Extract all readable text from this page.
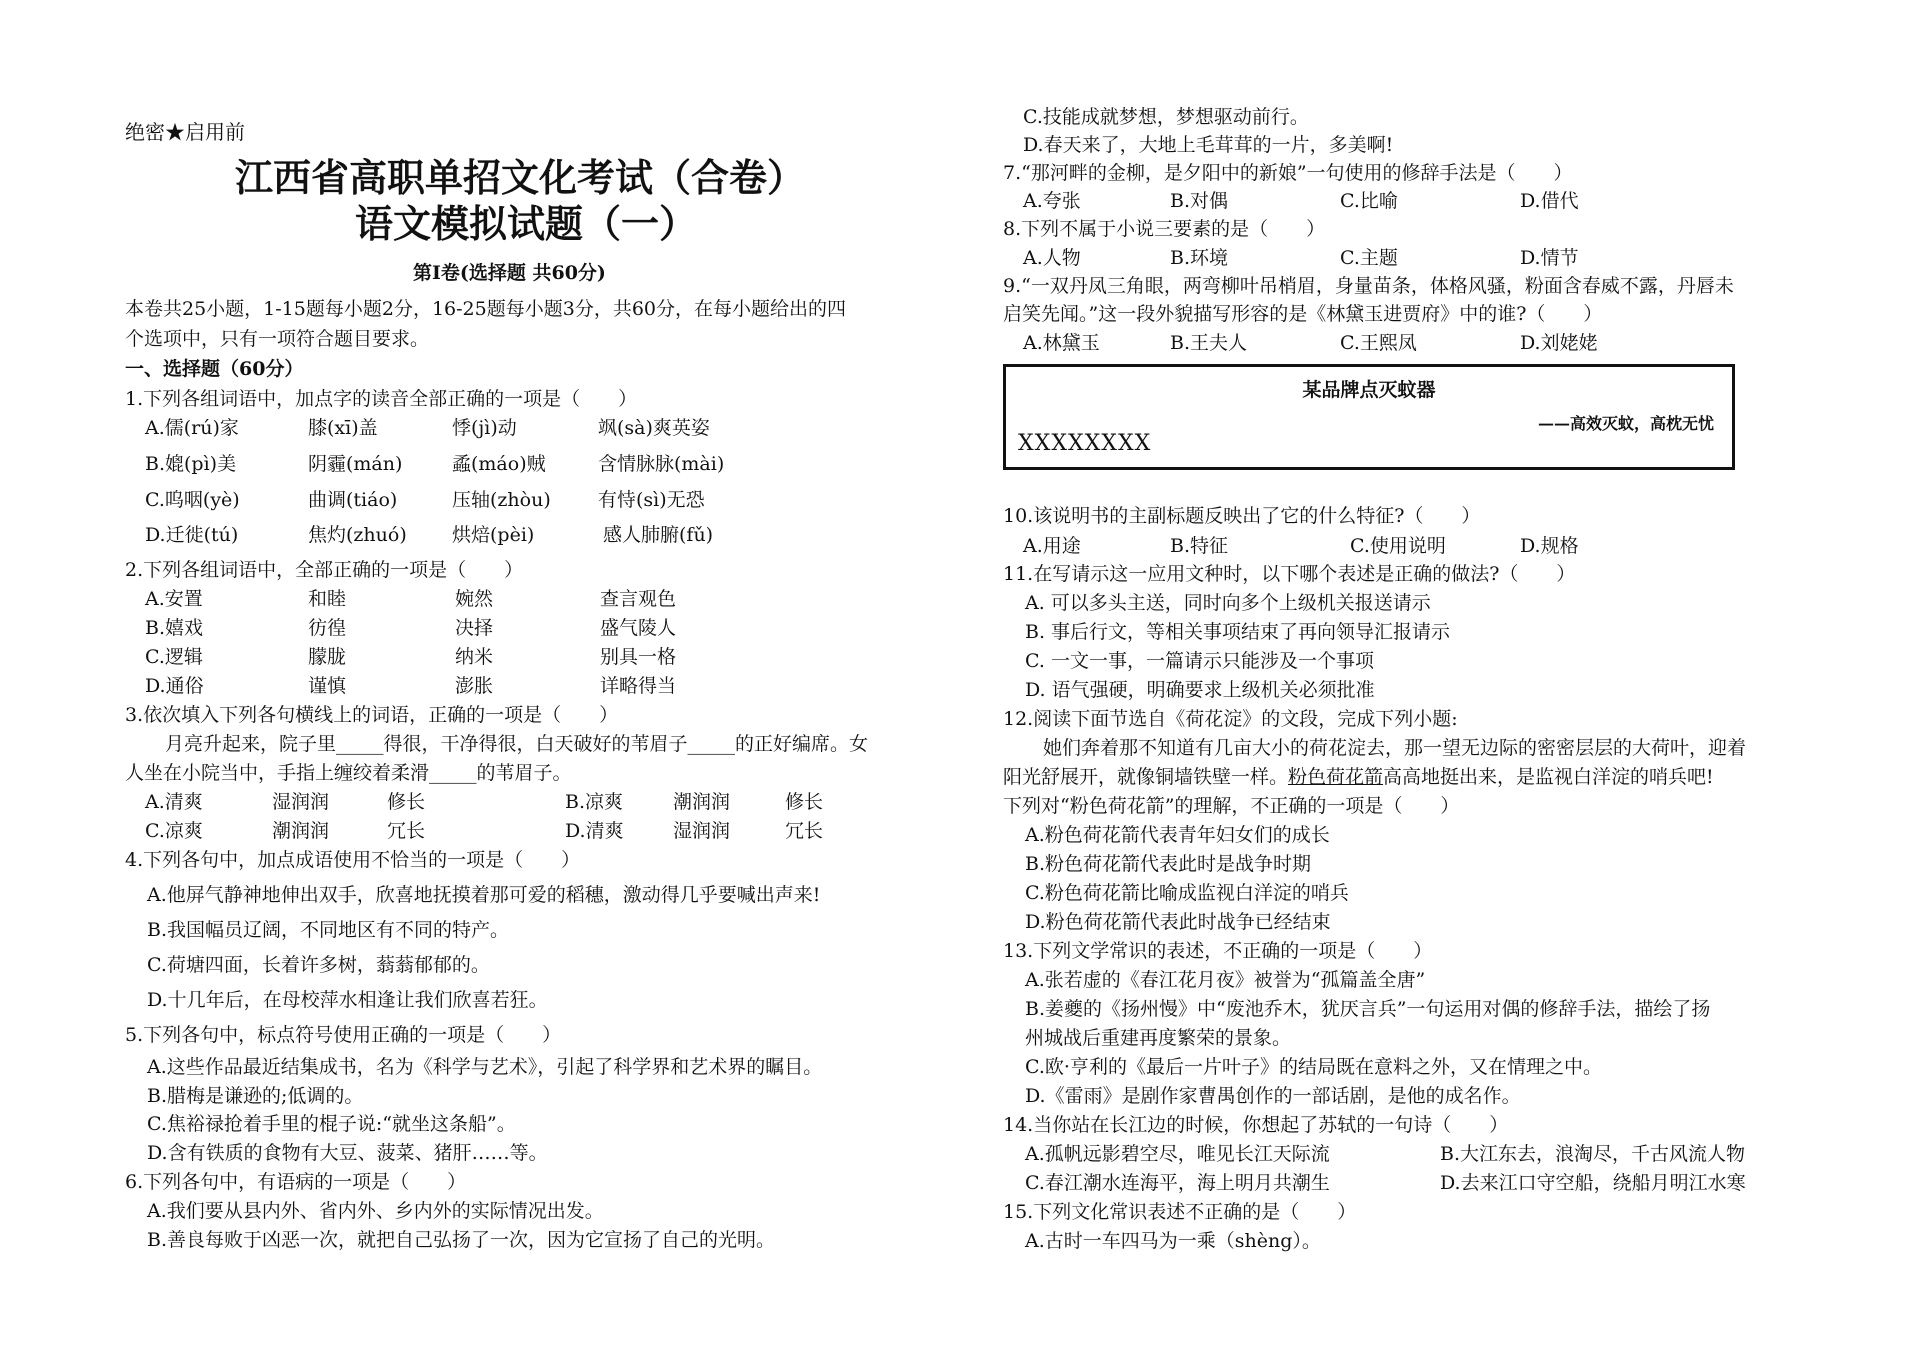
绝密★启用前
江西省高职单招文化考试（合卷）
语文模拟试题（一）
第Ⅰ卷(选择题 共60分)
本卷共25小题，1-15题每小题2分，16-25题每小题3分，共60分，在每小题给出的四
个选项中，只有一项符合题目要求。
一、选择题（60分）
1.下列各组词语中，加点字的读音全部正确的一项是（　　）
A.儒(rú)家	膝(xī)盖	悸(jì)动	飒(sà)爽英姿
B.媲(pì)美	阴霾(mán)	蟊(máo)贼	含情脉脉(mài)
C.呜咽(yè)	曲调(tiáo)	压轴(zhòu) 有恃(sì)无恐
D.迁徙(tú)	焦灼(zhuó) 烘焙(pèi)	感人肺腑(fǔ)
2.下列各组词语中，全部正确的一项是（　　）
A.安置	和睦	婉然	查言观色
B.嬉戏	彷徨	决择	盛气陵人
C.逻辑	朦胧	纳米	别具一格
D.通俗	谨慎	澎胀	详略得当
3.依次填入下列各句横线上的词语，正确的一项是（　　）
月亮升起来，院子里_____得很，干净得很，白天破好的苇眉子_____的正好编席。女
人坐在小院当中，手指上缠绞着柔滑_____的苇眉子。
A.清爽	湿润润	修长	B.凉爽	潮润润	修长
C.凉爽	潮润润	冗长	D.清爽	湿润润	冗长
4.下列各句中，加点成语使用不恰当的一项是（　　）
A.他屏气静神地伸出双手，欣喜地抚摸着那可爱的稻穗，激动得几乎要喊出声来!
B.我国幅员辽阔，不同地区有不同的特产。
C.荷塘四面，长着许多树，蓊蓊郁郁的。
D.十几年后，在母校萍水相逢让我们欣喜若狂。
5.下列各句中，标点符号使用正确的一项是（　　）
A.这些作品最近结集成书，名为《科学与艺术》，引起了科学界和艺术界的瞩目。
B.腊梅是谦逊的;低调的。
C.焦裕禄抢着手里的棍子说:“就坐这条船”。
D.含有铁质的食物有大豆、菠菜、猪肝……等。
6.下列各句中，有语病的一项是（　　）
A.我们要从县内外、省内外、乡内外的实际情况出发。
B.善良每败于凶恶一次，就把自己弘扬了一次，因为它宣扬了自己的光明。
C.技能成就梦想，梦想驱动前行。
D.春天来了，大地上毛茸茸的一片，多美啊!
7.“那河畔的金柳，是夕阳中的新娘”一句使用的修辞手法是（　　）
A.夸张	B.对偶	C.比喻	D.借代
8.下列不属于小说三要素的是（　　）
A.人物	B.环境	C.主题	D.情节
9.“一双丹凤三角眼，两弯柳叶吊梢眉，身量苗条，体格风骚，粉面含春威不露，丹唇未
启笑先闻。”这一段外貌描写形容的是《林黛玉进贾府》中的谁?（　　）
A.林黛玉	B.王夫人	C.王熙凤	D.刘姥姥
10.该说明书的主副标题反映出了它的什么特征?（　　）
A.用途	B.特征	C.使用说明	D.规格
11.在写请示这一应用文种时，以下哪个表述是正确的做法?（　　）
A. 可以多头主送，同时向多个上级机关报送请示
B. 事后行文，等相关事项结束了再向领导汇报请示
C. 一文一事，一篇请示只能涉及一个事项
D. 语气强硬，明确要求上级机关必须批准
12.阅读下面节选自《荷花淀》的文段，完成下列小题:
她们奔着那不知道有几亩大小的荷花淀去，那一望无边际的密密层层的大荷叶，迎着
阳光舒展开，就像铜墙铁壁一样。粉色荷花箭高高地挺出来，是监视白洋淀的哨兵吧!
下列对“粉色荷花箭”的理解，不正确的一项是（　　）
A.粉色荷花箭代表青年妇女们的成长
B.粉色荷花箭代表此时是战争时期
C.粉色荷花箭比喻成监视白洋淀的哨兵
D.粉色荷花箭代表此时战争已经结束
13.下列文学常识的表述，不正确的一项是（　　）
A.张若虚的《春江花月夜》被誉为“孤篇盖全唐”
B.姜夔的《扬州慢》中“废池乔木，犹厌言兵”一句运用对偶的修辞手法，描绘了扬
州城战后重建再度繁荣的景象。
C.欧·亨利的《最后一片叶子》的结局既在意料之外，又在情理之中。
D.《雷雨》是剧作家曹禺创作的一部话剧，是他的成名作。
14.当你站在长江边的时候，你想起了苏轼的一句诗（　　）
A.孤帆远影碧空尽，唯见长江天际流	B.大江东去，浪淘尽，千古风流人物
C.春江潮水连海平，海上明月共潮生	D.去来江口守空船，绕船月明江水寒
15.下列文化常识表述不正确的是（　　）
A.古时一车四马为一乘（shèng）。
某品牌点灭蚊器
——高效灭蚊，高枕无忧
XXXXXXXX
